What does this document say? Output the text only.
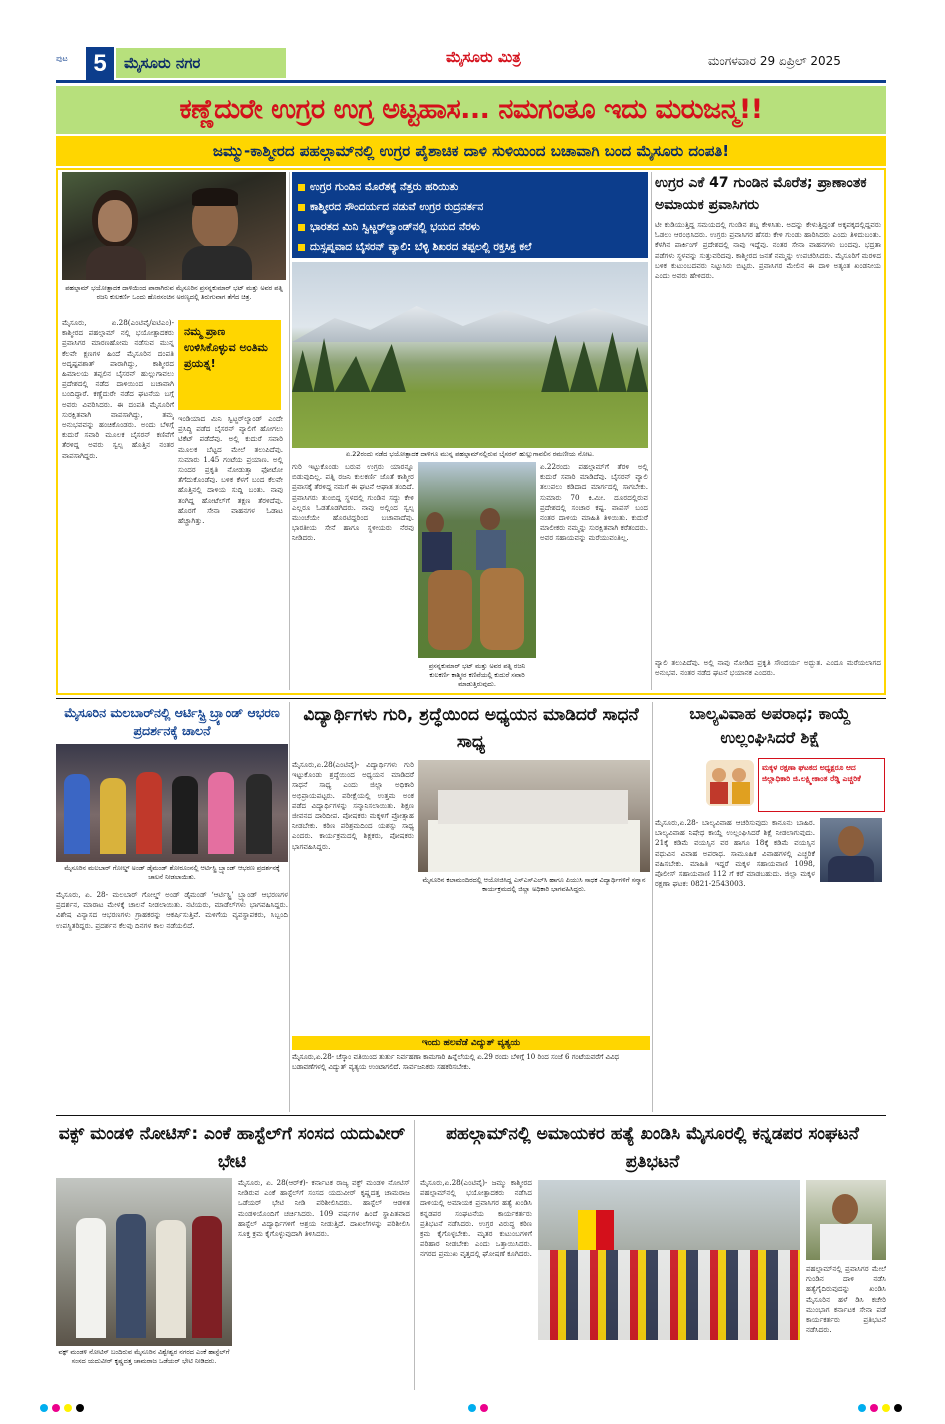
ಪುಟ	5	ಮೈಸೂರು ನಗರ	ಮೈಸೂರು ಮಿತ್ರ	ಮಂಗಳವಾರ 29 ಏಪ್ರಿಲ್ 2025
ಕಣ್ಣೆದುರೇ ಉಗ್ರರ ಉಗ್ರ ಅಟ್ಟಹಾಸ... ನಮಗಂತೂ ಇದು ಮರುಜನ್ಮ!!
ಜಮ್ಮು-ಕಾಶ್ಮೀರದ ಪಹಲ್ಗಾಮ್‌ನಲ್ಲಿ ಉಗ್ರರ ಪೈಶಾಚಿಕ ದಾಳಿ ಸುಳಿಯಿಂದ ಬಚಾವಾಗಿ ಬಂದ ಮೈಸೂರು ದಂಪತಿ!
ಪಹಲ್ಗಾಮ್ ಭಯೋತ್ಪಾದಕ ದಾಳಿಯಿಂದ ಪಾರಾಗಿರುವ ಮೈಸೂರಿನ ಪ್ರಸನ್ನಕುಮಾರ್ ಭಟ್ ಮತ್ತು ಅವರ ಪತ್ನಿ ರಜನಿ ಕುಲಕರ್ಣಿ ಒಂದು ಹೊರಸಂಚಿನ ಅರಣ್ಯದಲ್ಲಿ ತಿರುಗುವಾಗ ತೆಗೆದ ಚಿತ್ರ.
ಉಗ್ರರ ಗುಂಡಿನ ಮೊರೆತಕ್ಕೆ ನೆತ್ತರು ಹರಿಯಿತು
ಕಾಶ್ಮೀರದ ಸೌಂದರ್ಯದ ನಡುವೆ ಉಗ್ರರ ರುದ್ರನರ್ತನ
ಭಾರತದ ಮಿನಿ ಸ್ವಿಟ್ಜರ್‌ಲ್ಯಾಂಡ್‌ನಲ್ಲಿ ಭಯದ ನೆರಳು
ದುಸ್ಸಪ್ನವಾದ ಬೈಸರನ್ ವ್ಯಾಲಿ: ಬೆಳ್ಳಿ ಶಿಖರದ ತಪ್ಪಲಲ್ಲಿ ರಕ್ತಸಿಕ್ತ ಕಲೆ
ಉಗ್ರರ ಎಕೆ 47 ಗುಂಡಿನ ಮೊರೆತ; ಪ್ರಾಣಾಂತಕ ಅಮಾಯಕ ಪ್ರವಾಸಿಗರು
ಟೀ ಕುಡಿಯುತ್ತಿದ್ದ ಸಮಯದಲ್ಲಿ ಗುಂಡಿನ ಶಬ್ದ ಕೇಳಿಸಿತು. ಅದನ್ನು ಕೇಳುತ್ತಿದ್ದಂತೆ ಅಕ್ಕಪಕ್ಕದಲ್ಲಿದ್ದವರು ಓಡಲು ಆರಂಭಿಸಿದರು. ಉಗ್ರರು ಪ್ರವಾಸಿಗರ ಹೆಸರು ಕೇಳಿ ಗುಂಡು ಹಾರಿಸಿದರು ಎಂದು ತಿಳಿದುಬಂತು. ಕೆಳಗಿನ ಪಾರ್ಕಿಂಗ್ ಪ್ರದೇಶದಲ್ಲಿ ನಾವು ಇದ್ದೆವು. ನಂತರ ಸೇನಾ ವಾಹನಗಳು ಬಂದವು. ಭದ್ರತಾ ಪಡೆಗಳು ಸ್ಥಳವನ್ನು ಸುತ್ತುವರಿದವು. ಕಾಶ್ಮೀರದ ಜನತೆ ನಮ್ಮನ್ನು ಉಪಚರಿಸಿದರು. ಮೈಸೂರಿಗೆ ಮರಳಿದ ಬಳಿಕ ಕುಟುಂಬದವರು ನಿಟ್ಟುಸಿರು ಬಿಟ್ಟರು. ಪ್ರವಾಸಿಗರ ಮೇಲಿನ ಈ ದಾಳಿ ಅತ್ಯಂತ ಖಂಡನೀಯ ಎಂದು ಅವರು ಹೇಳಿದರು.
ವ್ಯಾಲಿ ತಲುಪಿದೆವು. ಅಲ್ಲಿ ನಾವು ನೋಡಿದ ಪ್ರಕೃತಿ ಸೌಂದರ್ಯ ಅದ್ಭುತ. ಎಂದೂ ಮರೆಯಲಾಗದ ಅನುಭವ. ನಂತರ ನಡೆದ ಘಟನೆ ಭಯಾನಕ ಎಂದರು.
ಏ.22ರಂದು ನಡೆದ ಭಯೋತ್ಪಾದಕ ದಾಳಿಗೂ ಮುನ್ನ ಪಹಲ್ಗಾಮ್‌ನಲ್ಲಿರುವ ಬೈಸರನ್ ಹುಲ್ಲುಗಾವಲಿನ ರಮಣೀಯ ನೋಟ.
ಪ್ರಸನ್ನಕುಮಾರ್ ಭಟ್ ಮತ್ತು ಅವರ ಪತ್ನಿ ರಜನಿ ಕುಲಕರ್ಣಿ ಕಾಶ್ಮೀರ ಕಣಿವೆಯಲ್ಲಿ ಕುದುರೆ ಸವಾರಿ ಮಾಡುತ್ತಿರುವುದು.
ನಮ್ಮ ಪ್ರಾಣ ಉಳಿಸಿಕೊಳ್ಳುವ ಅಂತಿಮ ಪ್ರಯತ್ನ!
ಮೈಸೂರು, ಏ.28(ಎಂಟಿವೈ/ಐಟಿಎಂ)- ಕಾಶ್ಮೀರದ ಪಹಲ್ಗಾಮ್ ನಲ್ಲಿ ಭಯೋತ್ಪಾದಕರು ಪ್ರವಾಸಿಗರ ಮಾರಣಹೋಮ ನಡೆಸುವ ಮುನ್ನ ಕೆಲವೇ ಕ್ಷಣಗಳ ಹಿಂದೆ ಮೈಸೂರಿನ ದಂಪತಿ ಅದೃಷ್ಟವಶಾತ್ ಪಾರಾಗಿದ್ದು, ಕಾಶ್ಮೀರದ ಹಿಮಾಲಯ ತಪ್ಪಲಿನ ಬೈಸರನ್ ಹುಲ್ಲುಗಾವಲು ಪ್ರದೇಶದಲ್ಲಿ ನಡೆದ ದಾಳಿಯಿಂದ ಬಚಾವಾಗಿ ಬಂದಿದ್ದಾರೆ. ಕಣ್ಣೆದುರೇ ನಡೆದ ಘಟನೆಯ ಬಗ್ಗೆ ಅವರು ವಿವರಿಸಿದರು. ಈ ದಂಪತಿ ಮೈಸೂರಿಗೆ ಸುರಕ್ಷಿತವಾಗಿ ವಾಪಸಾಗಿದ್ದು, ತಮ್ಮ ಅನುಭವವನ್ನು ಹಂಚಿಕೊಂಡರು. ಅಂದು ಬೆಳಿಗ್ಗೆ ಕುದುರೆ ಸವಾರಿ ಮೂಲಕ ಬೈಸರನ್ ಕಣಿವೆಗೆ ತೆರಳಿದ್ದ ಅವರು ಸ್ವಲ್ಪ ಹೊತ್ತಿನ ನಂತರ ವಾಪಸಾಗಿದ್ದರು.
ಇಂಡಿಯಾದ ಮಿನಿ ಸ್ವಿಟ್ಜರ್‌ಲ್ಯಾಂಡ್ ಎಂದೇ ಪ್ರಸಿದ್ಧಿ ಪಡೆದ ಬೈಸರನ್ ವ್ಯಾಲಿಗೆ ಹೋಗಲು ಟಿಕೆಟ್ ಪಡೆದೆವು. ಅಲ್ಲಿ ಕುದುರೆ ಸವಾರಿ ಮೂಲಕ ಬೆಟ್ಟದ ಮೇಲೆ ತಲುಪಿದೆವು. ಸುಮಾರು 1.45 ಗಂಟೆಯ ಪ್ರಯಾಣ. ಅಲ್ಲಿ ಸುಂದರ ಪ್ರಕೃತಿ ನೋಡುತ್ತಾ ಫೋಟೋ ತೆಗೆದುಕೊಂಡೆವು. ಬಳಿಕ ಕೆಳಗೆ ಬಂದ ಕೆಲವೇ ಹೊತ್ತಿನಲ್ಲಿ ದಾಳಿಯ ಸುದ್ದಿ ಬಂತು. ನಾವು ತಂಗಿದ್ದ ಹೋಟೆಲ್‌ಗೆ ತಕ್ಷಣ ತೆರಳಿದೆವು. ಹೊರಗೆ ಸೇನಾ ವಾಹನಗಳ ಓಡಾಟ ಹೆಚ್ಚಾಗಿತ್ತು.
ಗುರಿ ಇಟ್ಟುಕೊಂಡು ಬರುವ ಉಗ್ರರು ಯಾರನ್ನೂ ಬಿಡುವುದಿಲ್ಲ. ಪತ್ನಿ ರಜನಿ ಕುಲಕರ್ಣಿ ಜೊತೆ ಕಾಶ್ಮೀರ ಪ್ರವಾಸಕ್ಕೆ ತೆರಳಿದ್ದ ನಮಗೆ ಈ ಘಟನೆ ಆಘಾತ ತಂದಿದೆ. ಪ್ರವಾಸಿಗರು ತುಂಬಿದ್ದ ಸ್ಥಳದಲ್ಲಿ ಗುಂಡಿನ ಸದ್ದು ಕೇಳಿ ಎಲ್ಲರೂ ಓಡತೊಡಗಿದರು. ನಾವು ಅಲ್ಲಿಂದ ಸ್ವಲ್ಪ ಮುಂಚೆಯೇ ಹೊರಟಿದ್ದರಿಂದ ಬಚಾವಾದೆವು. ಭಾರತೀಯ ಸೇನೆ ಹಾಗೂ ಸ್ಥಳೀಯರು ನೆರವು ನೀಡಿದರು.
ಏ.22ರಂದು ಪಹಲ್ಗಾಮ್‌ಗೆ ತೆರಳಿ ಅಲ್ಲಿ ಕುದುರೆ ಸವಾರಿ ಮಾಡಿದೆವು. ಬೈಸರನ್ ವ್ಯಾಲಿ ತಲುಪಲು ಕಡಿದಾದ ಮಾರ್ಗದಲ್ಲಿ ಸಾಗಬೇಕು. ಸುಮಾರು 70 ಕಿ.ಮೀ. ದೂರದಲ್ಲಿರುವ ಪ್ರದೇಶದಲ್ಲಿ ಸಂಚಾರ ಕಷ್ಟ. ವಾಪಸ್ ಬಂದ ನಂತರ ದಾಳಿಯ ಮಾಹಿತಿ ತಿಳಿಯಿತು. ಕುದುರೆ ಮಾಲೀಕರು ನಮ್ಮನ್ನು ಸುರಕ್ಷಿತವಾಗಿ ಕರೆತಂದರು. ಅವರ ಸಹಾಯವನ್ನು ಮರೆಯುವಂತಿಲ್ಲ.
ಮೈಸೂರಿನ ಮಲಬಾರ್‌ನಲ್ಲಿ ಆರ್ಟಿಸ್ಟ್ರಿ ಬ್ರ್ಯಾಂಡ್ ಆಭರಣ ಪ್ರದರ್ಶನಕ್ಕೆ ಚಾಲನೆ
ಮೈಸೂರಿನ ಮಲಬಾರ್ ಗೋಲ್ಡ್ ಅಂಡ್ ಡೈಮಂಡ್ ಶೋರೂಂನಲ್ಲಿ ಆರ್ಟಿಸ್ಟ್ರಿ ಬ್ರ್ಯಾಂಡ್ ಆಭರಣ ಪ್ರದರ್ಶನಕ್ಕೆ ಚಾಲನೆ ನೀಡಲಾಯಿತು.
ಮೈಸೂರು, ಏ. 28- ಮಲಬಾರ್ ಗೋಲ್ಡ್ ಅಂಡ್ ಡೈಮಂಡ್ ‘ಆರ್ಟಿಸ್ಟ್ರಿ’ ಬ್ರ್ಯಾಂಡ್ ಆಭರಣಗಳ ಪ್ರದರ್ಶನ, ಮಾರಾಟ ಮೇಳಕ್ಕೆ ಚಾಲನೆ ನೀಡಲಾಯಿತು. ನಟಿಯರು, ಮಾಡೆಲ್‌ಗಳು ಭಾಗವಹಿಸಿದ್ದರು. ವಿಶೇಷ ವಿನ್ಯಾಸದ ಆಭರಣಗಳು ಗ್ರಾಹಕರನ್ನು ಆಕರ್ಷಿಸುತ್ತಿವೆ. ಮಳಿಗೆಯ ವ್ಯವಸ್ಥಾಪಕರು, ಸಿಬ್ಬಂದಿ ಉಪಸ್ಥಿತರಿದ್ದರು. ಪ್ರದರ್ಶನ ಕೆಲವು ದಿನಗಳ ಕಾಲ ನಡೆಯಲಿದೆ.
ವಿದ್ಯಾರ್ಥಿಗಳು ಗುರಿ, ಶ್ರದ್ಧೆಯಿಂದ ಅಧ್ಯಯನ ಮಾಡಿದರೆ ಸಾಧನೆ ಸಾಧ್ಯ
ಮೈಸೂರು,ಏ.28(ಎಂಟಿವೈ)- ವಿದ್ಯಾರ್ಥಿಗಳು ಗುರಿ ಇಟ್ಟುಕೊಂಡು ಶ್ರದ್ಧೆಯಿಂದ ಅಧ್ಯಯನ ಮಾಡಿದರೆ ಸಾಧನೆ ಸಾಧ್ಯ ಎಂದು ಜಿಲ್ಲಾ ಅಧಿಕಾರಿ ಅಭಿಪ್ರಾಯಪಟ್ಟರು. ಪರೀಕ್ಷೆಯಲ್ಲಿ ಉತ್ತಮ ಅಂಕ ಪಡೆದ ವಿದ್ಯಾರ್ಥಿಗಳನ್ನು ಸನ್ಮಾನಿಸಲಾಯಿತು. ಶಿಕ್ಷಣ ಜೀವನದ ದಾರಿದೀಪ. ಪೋಷಕರು ಮಕ್ಕಳಿಗೆ ಪ್ರೋತ್ಸಾಹ ನೀಡಬೇಕು. ಕಠಿಣ ಪರಿಶ್ರಮದಿಂದ ಯಶಸ್ಸು ಸಾಧ್ಯ ಎಂದರು. ಕಾರ್ಯಕ್ರಮದಲ್ಲಿ ಶಿಕ್ಷಕರು, ಪೋಷಕರು ಭಾಗವಹಿಸಿದ್ದರು.
ಮೈಸೂರಿನ ಕಲಾಮಂದಿರದಲ್ಲಿ ಆಯೋಜಿಸಿದ್ದ ಎಸ್ಎಸ್ಎಲ್‌ಸಿ ಹಾಗೂ ಪಿಯುಸಿ ಸಾಧಕ ವಿದ್ಯಾರ್ಥಿಗಳಿಗೆ ಸನ್ಮಾನ ಕಾರ್ಯಕ್ರಮದಲ್ಲಿ ಜಿಲ್ಲಾ ಅಧಿಕಾರಿ ಭಾಗವಹಿಸಿದ್ದರು.
ಇಂದು ಹಲವೆಡೆ ವಿದ್ಯುತ್ ವ್ಯತ್ಯಯ
ಮೈಸೂರು,ಏ.28- ಚೆಸ್ಕಾಂ ವತಿಯಿಂದ ತುರ್ತು ನಿರ್ವಹಣಾ ಕಾಮಗಾರಿ ಹಿನ್ನೆಲೆಯಲ್ಲಿ ಏ.29 ರಂದು ಬೆಳಿಗ್ಗೆ 10 ರಿಂದ ಸಂಜೆ 6 ಗಂಟೆಯವರೆಗೆ ವಿವಿಧ ಬಡಾವಣೆಗಳಲ್ಲಿ ವಿದ್ಯುತ್ ವ್ಯತ್ಯಯ ಉಂಟಾಗಲಿದೆ. ಸಾರ್ವಜನಿಕರು ಸಹಕರಿಸಬೇಕು.
ಬಾಲ್ಯವಿವಾಹ ಅಪರಾಧ; ಕಾಯ್ದೆ ಉಲ್ಲಂಘಿಸಿದರೆ ಶಿಕ್ಷೆ
ಮಕ್ಕಳ ರಕ್ಷಣಾ ಘಟಕದ ಅಧ್ಯಕ್ಷರೂ ಆದ ಜಿಲ್ಲಾಧಿಕಾರಿ ಜಿ.ಲಕ್ಷ್ಮೀಕಾಂತ ರೆಡ್ಡಿ ಎಚ್ಚರಿಕೆ
ಮೈಸೂರು,ಏ.28- ಬಾಲ್ಯವಿವಾಹ ಆಚರಿಸುವುದು ಕಾನೂನು ಬಾಹಿರ. ಬಾಲ್ಯವಿವಾಹ ನಿಷೇಧ ಕಾಯ್ದೆ ಉಲ್ಲಂಘಿಸಿದರೆ ಶಿಕ್ಷೆ ನೀಡಲಾಗುವುದು. 21ಕ್ಕೆ ಕಡಿಮೆ ವಯಸ್ಸಿನ ವರ ಹಾಗೂ 18ಕ್ಕೆ ಕಡಿಮೆ ವಯಸ್ಸಿನ ವಧುವಿನ ವಿವಾಹ ಅಪರಾಧ. ಸಾಮೂಹಿಕ ವಿವಾಹಗಳಲ್ಲಿ ಎಚ್ಚರಿಕೆ ವಹಿಸಬೇಕು. ಮಾಹಿತಿ ಇದ್ದರೆ ಮಕ್ಕಳ ಸಹಾಯವಾಣಿ 1098, ಪೊಲೀಸ್ ಸಹಾಯವಾಣಿ 112 ಗೆ ಕರೆ ಮಾಡಬಹುದು. ಜಿಲ್ಲಾ ಮಕ್ಕಳ ರಕ್ಷಣಾ ಘಟಕ: 0821-2543003.
ವಕ್ಫ್ ಮಂಡಳಿ ನೋಟಿಸ್: ಎಂಕೆ ಹಾಸ್ಟೆಲ್‌ಗೆ ಸಂಸದ ಯದುವೀರ್ ಭೇಟಿ
ವಕ್ಫ್ ಮಂಡಳಿ ನೋಟಿಸ್ ಬಂದಿರುವ ಮೈಸೂರಿನ ವಿಶ್ವೇಶ್ವರ ನಗರದ ಎಂಕೆ ಹಾಸ್ಟೆಲ್‌ಗೆ ಸಂಸದ ಯದುವೀರ್ ಕೃಷ್ಣದತ್ತ ಚಾಮರಾಜ ಒಡೆಯರ್ ಭೇಟಿ ನೀಡಿದರು.
ಮೈಸೂರು, ಏ. 28(ಆರ್‌ಕೆ)- ಕರ್ನಾಟಕ ರಾಜ್ಯ ವಕ್ಫ್ ಮಂಡಳಿ ನೋಟಿಸ್ ನೀಡಿರುವ ಎಂಕೆ ಹಾಸ್ಟೆಲ್‌ಗೆ ಸಂಸದ ಯದುವೀರ್ ಕೃಷ್ಣದತ್ತ ಚಾಮರಾಜ ಒಡೆಯರ್ ಭೇಟಿ ನೀಡಿ ಪರಿಶೀಲಿಸಿದರು. ಹಾಸ್ಟೆಲ್ ಆಡಳಿತ ಮಂಡಳಿಯೊಂದಿಗೆ ಚರ್ಚಿಸಿದರು. 109 ವರ್ಷಗಳ ಹಿಂದೆ ಸ್ಥಾಪಿತವಾದ ಹಾಸ್ಟೆಲ್ ವಿದ್ಯಾರ್ಥಿಗಳಿಗೆ ಆಶ್ರಯ ನೀಡುತ್ತಿದೆ. ದಾಖಲೆಗಳನ್ನು ಪರಿಶೀಲಿಸಿ ಸೂಕ್ತ ಕ್ರಮ ಕೈಗೊಳ್ಳುವುದಾಗಿ ತಿಳಿಸಿದರು.
ಪಹಲ್ಗಾಮ್‌ನಲ್ಲಿ ಅಮಾಯಕರ ಹತ್ಯೆ ಖಂಡಿಸಿ ಮೈಸೂರಲ್ಲಿ ಕನ್ನಡಪರ ಸಂಘಟನೆ ಪ್ರತಿಭಟನೆ
ಮೈಸೂರು,ಏ.28(ಎಂಟಿವೈ)- ಜಮ್ಮು ಕಾಶ್ಮೀರದ ಪಹಲ್ಗಾಮ್‌ನಲ್ಲಿ ಭಯೋತ್ಪಾದಕರು ನಡೆಸಿದ ದಾಳಿಯಲ್ಲಿ ಅಮಾಯಕ ಪ್ರವಾಸಿಗರ ಹತ್ಯೆ ಖಂಡಿಸಿ ಕನ್ನಡಪರ ಸಂಘಟನೆಯ ಕಾರ್ಯಕರ್ತರು ಪ್ರತಿಭಟನೆ ನಡೆಸಿದರು. ಉಗ್ರರ ವಿರುದ್ಧ ಕಠಿಣ ಕ್ರಮ ಕೈಗೊಳ್ಳಬೇಕು. ಮೃತರ ಕುಟುಂಬಗಳಿಗೆ ಪರಿಹಾರ ನೀಡಬೇಕು ಎಂದು ಒತ್ತಾಯಿಸಿದರು. ನಗರದ ಪ್ರಮುಖ ವೃತ್ತದಲ್ಲಿ ಘೋಷಣೆ ಕೂಗಿದರು.
ಪಹಲ್ಗಾಮ್‌ನಲ್ಲಿ ಪ್ರವಾಸಿಗರ ಮೇಲೆ ಗುಂಡಿನ ದಾಳಿ ನಡೆಸಿ ಹತ್ಯೆಗೈದಿರುವುದನ್ನು ಖಂಡಿಸಿ ಮೈಸೂರಿನ ಹಳೆ ಡಿಸಿ ಕಚೇರಿ ಮುಂಭಾಗ ಕರ್ನಾಟಕ ಸೇನಾ ಪಡೆ ಕಾರ್ಯಕರ್ತರು ಪ್ರತಿಭಟನೆ ನಡೆಸಿದರು.
